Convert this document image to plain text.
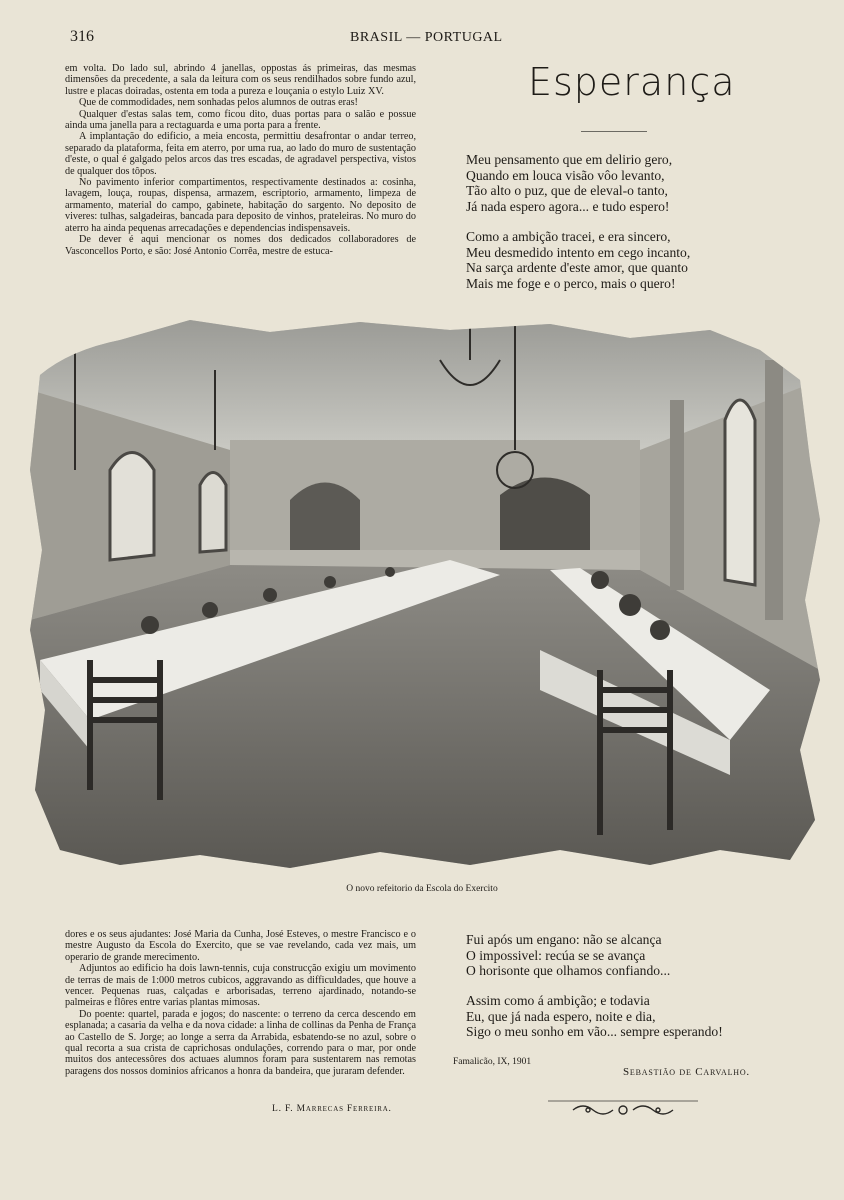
316	BRASIL — PORTUGAL

em volta. Do lado sul, abrindo 4 janellas, oppostas ás primeiras, das mesmas dimensões da precedente, a sala da leitura com os seus rendilhados sobre fundo azul, lustre e placas doiradas, ostenta em toda a pureza e louçania o estylo Luiz XV.

Que de commodidades, nem sonhadas pelos alumnos de outras eras!

Qualquer d'estas salas tem, como ficou dito, duas portas para o salão e possue ainda uma janella para a rectaguarda e uma porta para a frente.

A implantação do edificio, a meia encosta, permittiu desafrontar o andar terreo, separado da plataforma, feita em aterro, por uma rua, ao lado do muro de sustentação d'este, o qual é galgado pelos arcos das tres escadas, de agradavel perspectiva, vistos de qualquer dos tôpos.

No pavimento inferior compartimentos, respectivamente destinados a: cosinha, lavagem, louça, roupas, dispensa, armazem, escriptorio, armamento, limpeza de armamento, material do campo, gabinete, habitação do sargento. No deposito de viveres: tulhas, salgadeiras, bancada para deposito de vinhos, prateleiras. No muro do aterro ha ainda pequenas arrecadações e dependencias indispensaveis.

De dever é aqui mencionar os nomes dos dedicados collaboradores de Vasconcellos Porto, e são: José Antonio Corrêa, mestre de estuca-

Esperança
Meu pensamento que em delirio gero,
Quando em louca visão vôo levanto,
Tão alto o puz, que de eleval-o tanto,
Já nada espero agora... e tudo espero!
Como a ambição tracei, e era sincero,
Meu desmedido intento em cego incanto,
Na sarça ardente d'este amor, que quanto
Mais me foge e o perco, mais o quero!
O novo refeitorio da Escola do Exercito

dores e os seus ajudantes: José Maria da Cunha, José Esteves, o mestre Francisco e o mestre Augusto da Escola do Exercito, que se vae revelando, cada vez mais, um operario de grande merecimento.

Adjuntos ao edificio ha dois lawn-tennis, cuja construcção exigiu um movimento de terras de mais de 1:000 metros cubicos, aggravando as difficuldades, que houve a vencer. Pequenas ruas, calçadas e arborisadas, terreno ajardinado, notando-se palmeiras e flôres entre varias plantas mimosas.

Do poente: quartel, parada e jogos; do nascente: o terreno da cerca descendo em esplanada; a casaria da velha e da nova cidade: a linha de collinas da Penha de França ao Castello de S. Jorge; ao longe a serra da Arrabida, esbatendo-se no azul, sobre o qual recorta a sua crista de caprichosas ondulações, correndo para o mar, por onde muitos dos antecessôres dos actuaes alumnos foram para sustentarem nas remotas paragens dos nossos dominios africanos a honra da bandeira, que juraram defender.

L. F. Marrecas Ferreira.
Fui após um engano: não se alcança
O impossivel: recúa se se avança
O horisonte que olhamos confiando...
Assim como á ambição; e todavia
Eu, que já nada espero, noite e dia,
Sigo o meu sonho em vão... sempre esperando!
Famalicão, IX, 1901
Sebastião de Carvalho.
